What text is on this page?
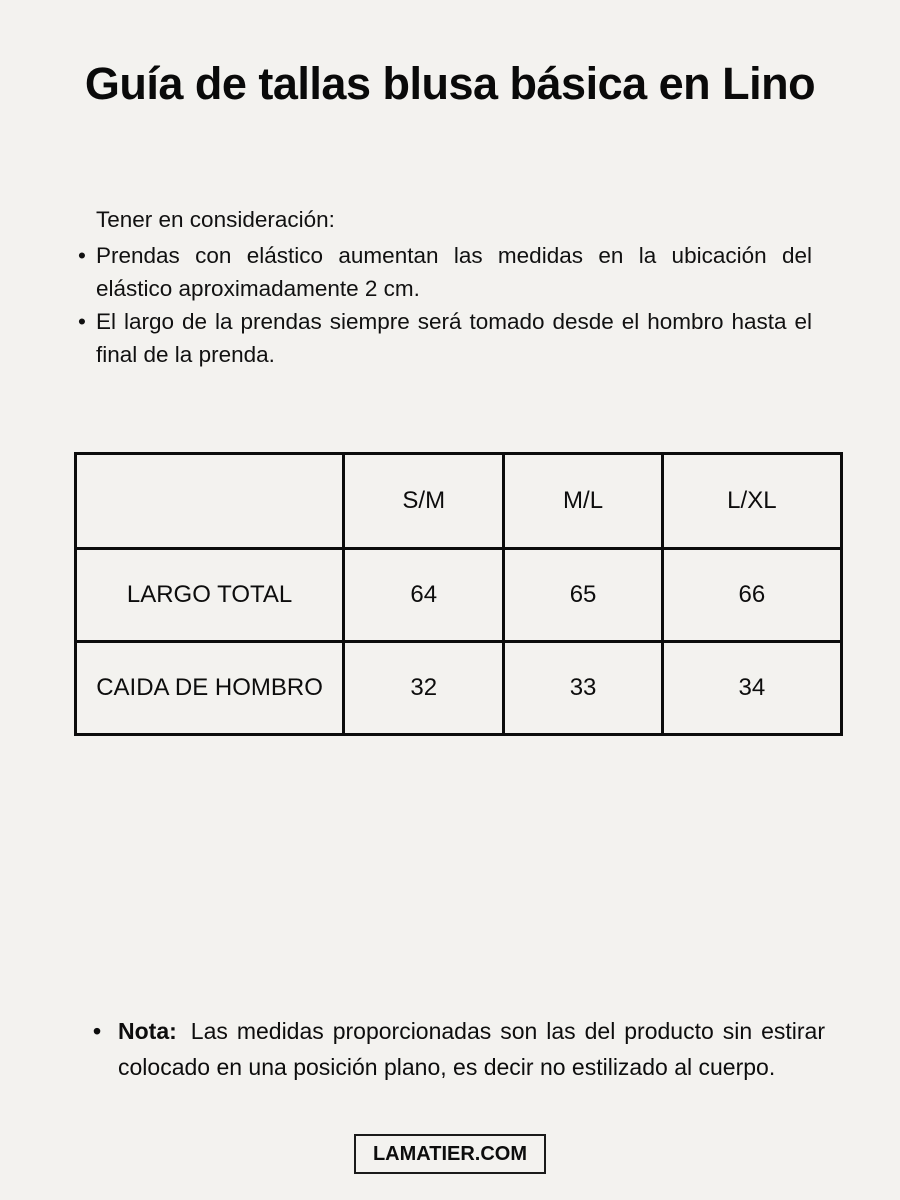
Guía de tallas blusa básica en Lino
Tener en consideración:
• Prendas con elástico aumentan las medidas en la ubicación del elástico aproximadamente 2 cm.
• El largo de la prendas siempre será tomado desde el hombro hasta el final de la prenda.
	S/M	M/L	L/XL
LARGO TOTAL	64	65	66
CAIDA DE HOMBRO	32	33	34

• Nota: Las medidas proporcionadas son las del producto sin estirar colocado en una posición plano, es decir no estilizado al cuerpo.

LAMATIER.COM
